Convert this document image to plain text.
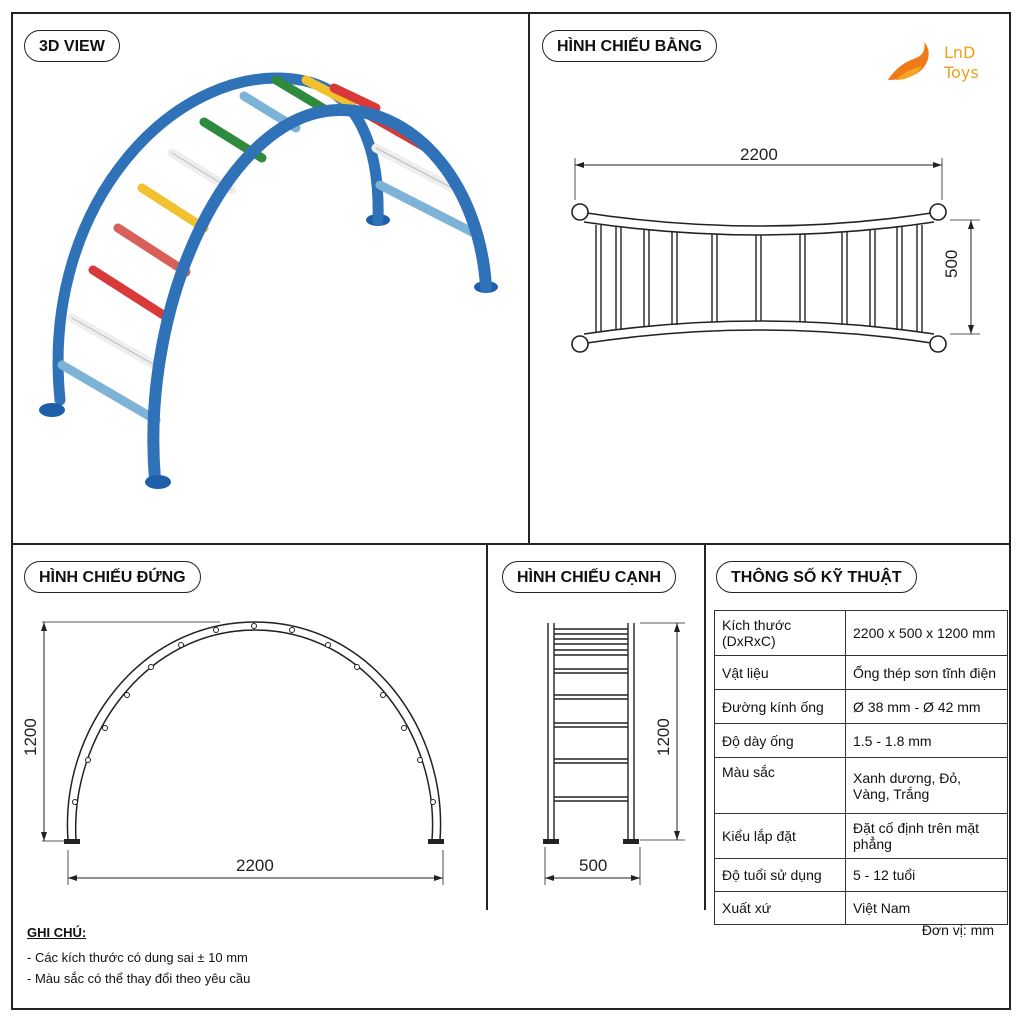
3D VIEW	HÌNH CHIẾU BẰNG
HÌNH CHIẾU ĐỨNG	HÌNH CHIẾU CẠNH	THÔNG SỐ KỸ THUẬT
LnD
Toys
2200
500
1200
2200
1200
500
Kích thước (DxRxC)	2200 x 500 x 1200 mm
Vật liệu	Ống thép sơn tĩnh điện
Đường kính ống	Ø 38 mm - Ø 42 mm
Độ dày ống	1.5 - 1.8 mm
Màu sắc	Xanh dương, Đỏ, Vàng, Trắng
Kiểu lắp đặt	Đặt cố định trên mặt phẳng
Độ tuổi sử dụng	5 - 12 tuổi
Xuất xứ	Việt Nam
GHI CHÚ:
- Các kích thước có dung sai ± 10 mm
- Màu sắc có thể thay đổi theo yêu cầu
Đơn vị: mm
